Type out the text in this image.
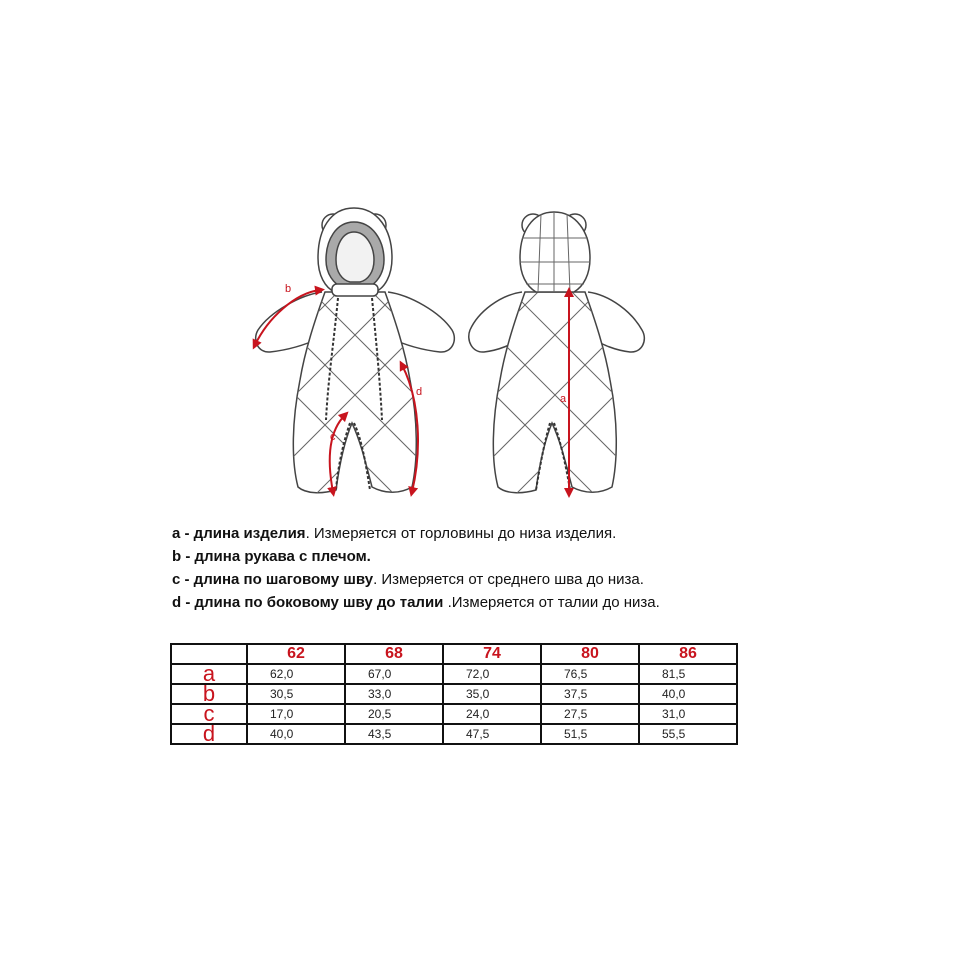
b
c
d
a
a - длина изделия. Измеряется от горловины до низа изделия.
b - длина рукава с плечом.
c - длина по шаговому шву. Измеряется от среднего шва до низа.
d - длина по боковому шву до талии .Измеряется от талии до низа.
	62	68	74	80	86
a	62,0	67,0	72,0	76,5	81,5
b	30,5	33,0	35,0	37,5	40,0
c	17,0	20,5	24,0	27,5	31,0
d	40,0	43,5	47,5	51,5	55,5
